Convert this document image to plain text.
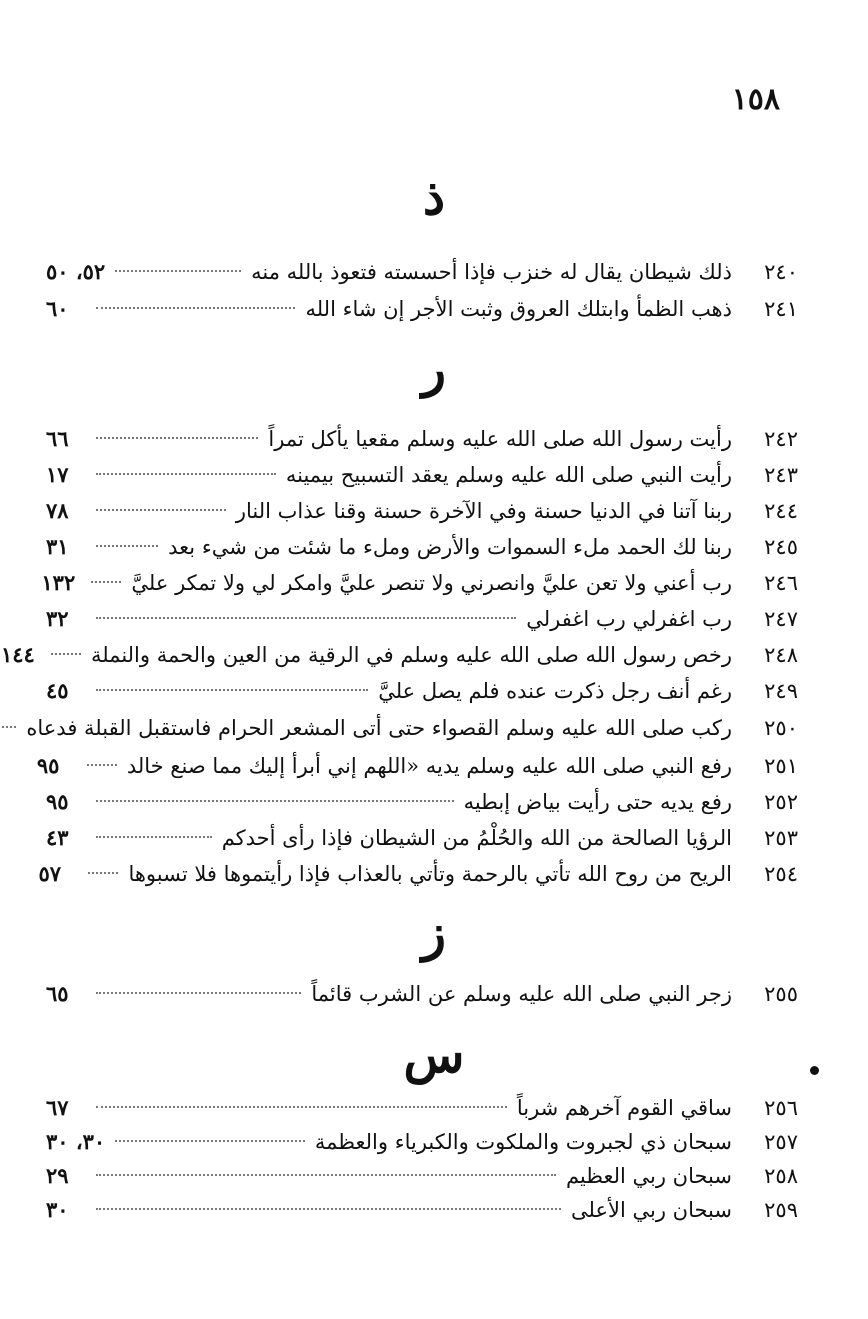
١٥٨
ذ
٢٤٠
ذلك شيطان يقال له خنزب فإذا أحسسته فتعوذ بالله منه
٥٢، ٥٠
٢٤١
ذهب الظمأ وابتلك العروق وثبت الأجر إن شاء الله
٦٠
ر
٢٤٢
رأيت رسول الله صلى الله عليه وسلم مقعيا يأكل تمراً
٦٦
٢٤٣
رأيت النبي صلى الله عليه وسلم يعقد التسبيح بيمينه
١٧
٢٤٤
ربنا آتنا في الدنيا حسنة وفي الآخرة حسنة وقنا عذاب النار
٧٨
٢٤٥
ربنا لك الحمد ملء السموات والأرض وملء ما شئت من شيء بعد
٣١
٢٤٦
رب أعني ولا تعن عليَّ وانصرني ولا تنصر عليَّ وامكر لي ولا تمكر عليَّ
١٣٢
٢٤٧
رب اغفرلي رب اغفرلي
٣٢
٢٤٨
رخص رسول الله صلى الله عليه وسلم في الرقية من العين والحمة والنملة
١٤٤
٢٤٩
رغم أنف رجل ذكرت عنده فلم يصل عليَّ
٤٥
٢٥٠
ركب صلى الله عليه وسلم القصواء حتى أتى المشعر الحرام فاستقبل القبلة فدعاه
٢٥١
رفع النبي صلى الله عليه وسلم يديه «اللهم إني أبرأ إليك مما صنع خالد
٩٥
٢٥٢
رفع يديه حتى رأيت بياض إبطيه
٩٥
٢٥٣
الرؤيا الصالحة من الله والحُلْمُ من الشيطان فإذا رأى أحدكم
٤٣
٢٥٤
الريح من روح الله تأتي بالرحمة وتأتي بالعذاب فإذا رأيتموها فلا تسبوها
٥٧
ز
٢٥٥
زجر النبي صلى الله عليه وسلم عن الشرب قائماً
٦٥
س
٢٥٦
ساقي القوم آخرهم شرباً
٦٧
٢٥٧
سبحان ذي لجبروت والملكوت والكبرياء والعظمة
٣٠، ٣٠
٢٥٨
سبحان ربي العظيم
٢٩
٢٥٩
سبحان ربي الأعلى
٣٠
